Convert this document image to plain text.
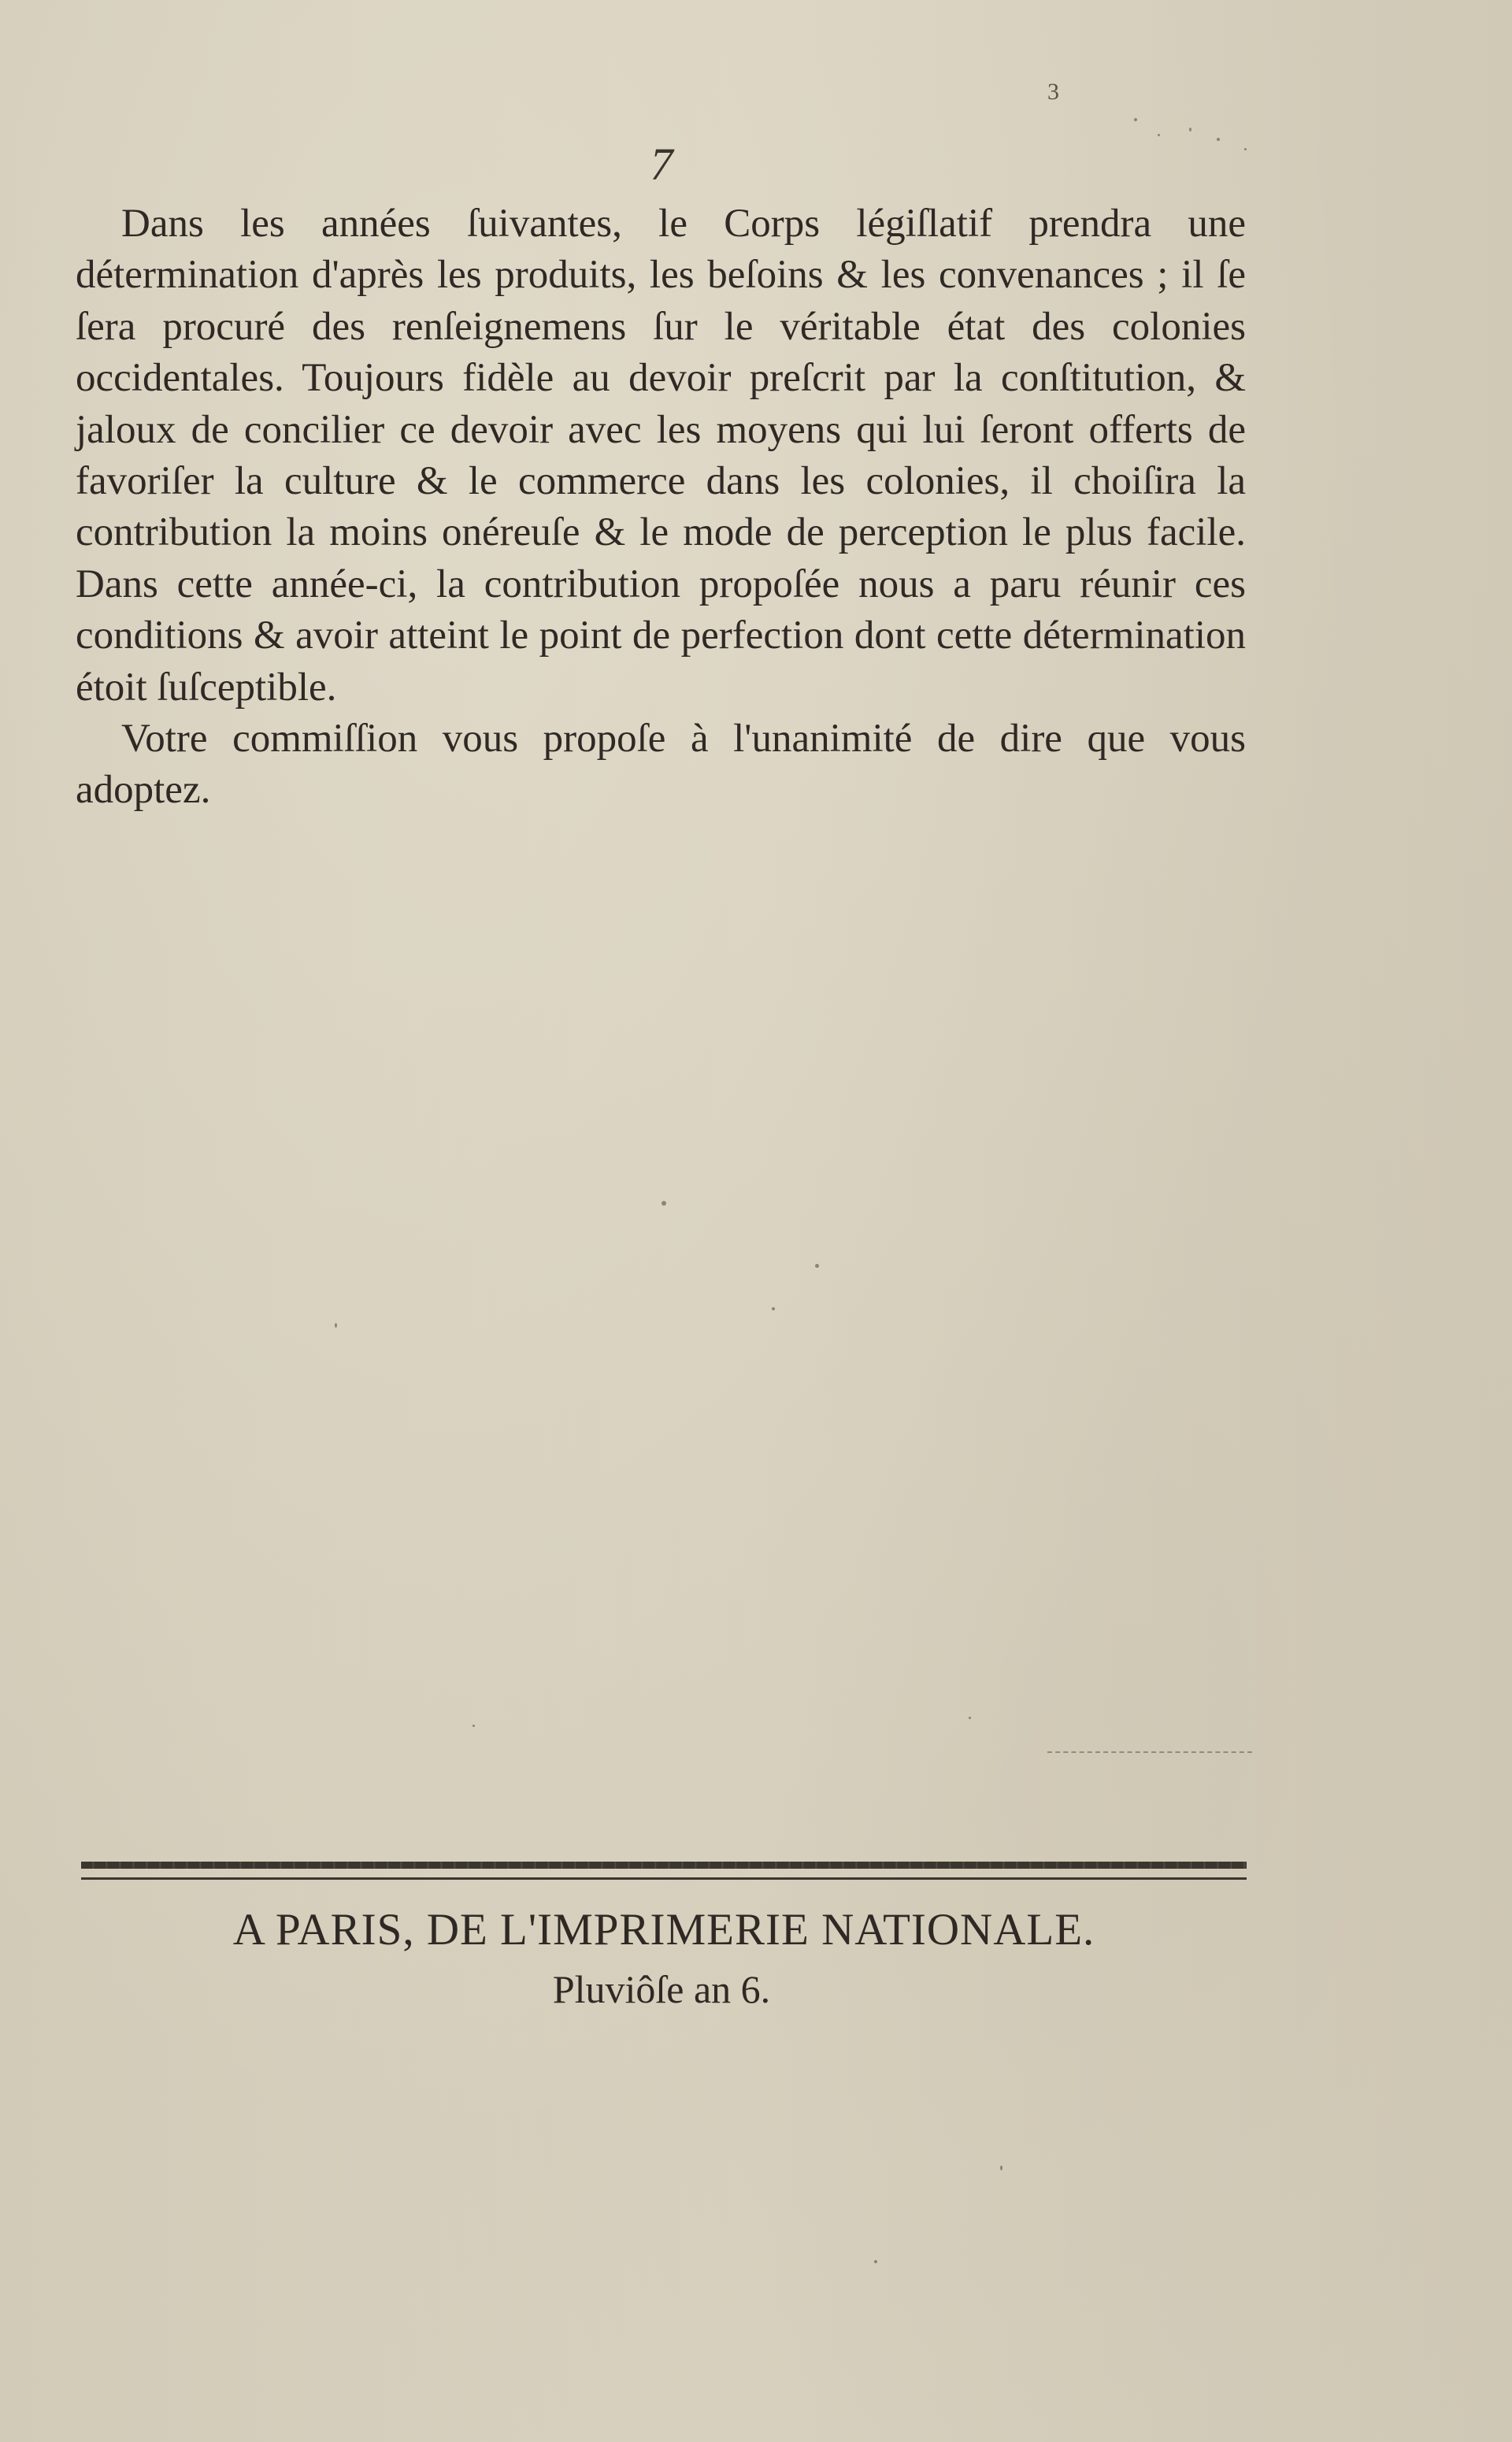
3
7

Dans les années ſuivantes, le Corps légiſlatif prendra une détermination d'après les produits, les beſoins & les convenances ; il ſe ſera procuré des renſeignemens ſur le véritable état des colonies occidentales. Toujours fidèle au devoir preſcrit par la conſtitution, & jaloux de concilier ce devoir avec les moyens qui lui ſeront offerts de favoriſer la culture & le commerce dans les colonies, il choiſira la contribution la moins onéreuſe & le mode de perception le plus facile. Dans cette année-ci, la contribution propoſée nous a paru réunir ces conditions & avoir atteint le point de perfection dont cette détermination étoit ſuſceptible.

Votre commiſſion vous propoſe à l'unanimité de dire que vous adoptez.

A PARIS, DE L'IMPRIMERIE NATIONALE.
Pluviôſe an 6.
